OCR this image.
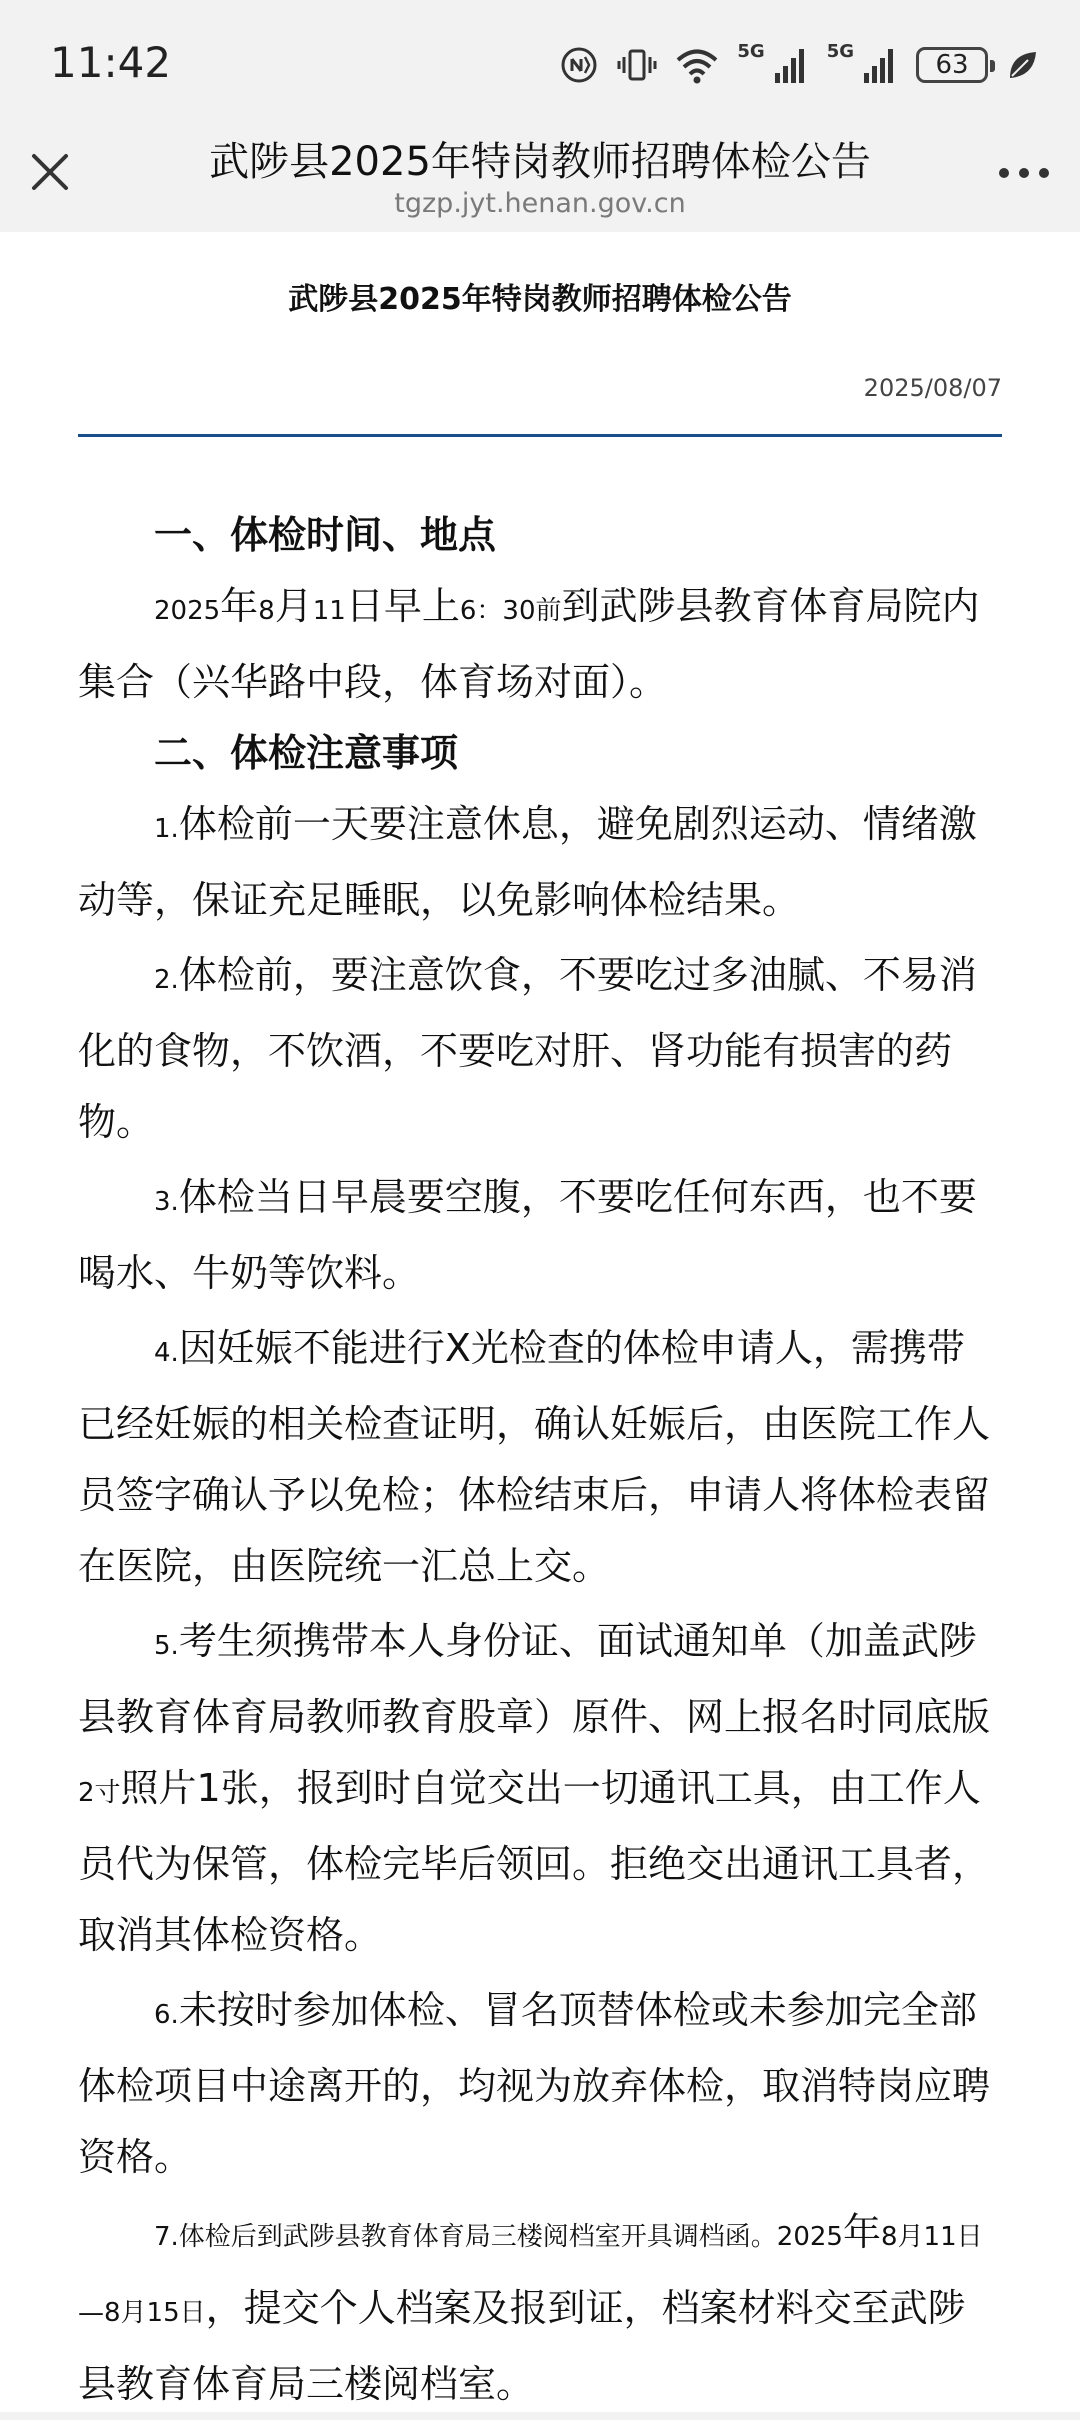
11:42	5G	5G	63
武陟县2025年特岗教师招聘体检公告
tgzp.jyt.henan.gov.cn
武陟县2025年特岗教师招聘体检公告
2025/08/07
一、体检时间、地点

2025年8月11日早上6：30前到武陟县教育体育局院内集合（兴华路中段，体育场对面）。

二、体检注意事项

1.体检前一天要注意休息，避免剧烈运动、情绪激动等，保证充足睡眠，以免影响体检结果。

2.体检前，要注意饮食，不要吃过多油腻、不易消化的食物，不饮酒，不要吃对肝、肾功能有损害的药物。

3.体检当日早晨要空腹，不要吃任何东西，也不要喝水、牛奶等饮料。

4.因妊娠不能进行X光检查的体检申请人，需携带已经妊娠的相关检查证明，确认妊娠后，由医院工作人员签字确认予以免检；体检结束后，申请人将体检表留在医院，由医院统一汇总上交。

5.考生须携带本人身份证、面试通知单（加盖武陟县教育体育局教师教育股章）原件、网上报名时同底版2寸照片1张，报到时自觉交出一切通讯工具，由工作人员代为保管，体检完毕后领回。拒绝交出通讯工具者，取消其体检资格。

6.未按时参加体检、冒名顶替体检或未参加完全部体检项目中途离开的，均视为放弃体检，取消特岗应聘资格。

7.体检后到武陟县教育体育局三楼阅档室开具调档函。2025年8月11日—8月15日，提交个人档案及报到证，档案材料交至武陟县教育体育局三楼阅档室。
